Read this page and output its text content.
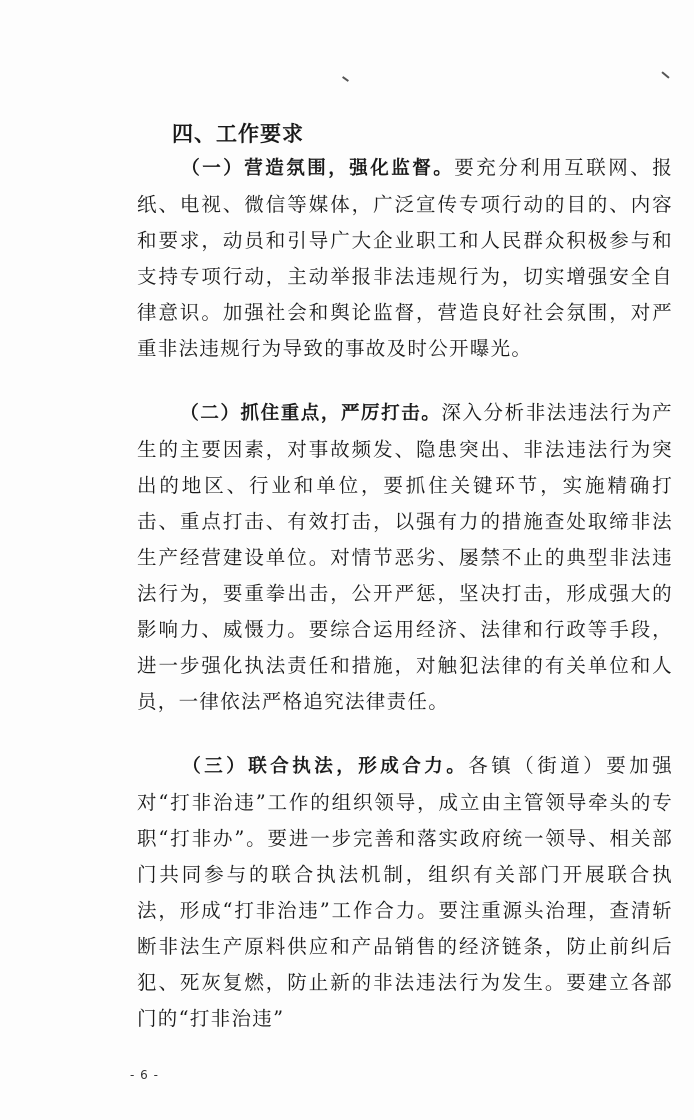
四、工作要求
（一）营造氛围，强化监督。要充分利用互联网、报纸、电视、微信等媒体，广泛宣传专项行动的目的、内容和要求，动员和引导广大企业职工和人民群众积极参与和支持专项行动，主动举报非法违规行为，切实增强安全自律意识。加强社会和舆论监督，营造良好社会氛围，对严重非法违规行为导致的事故及时公开曝光。
（二）抓住重点，严厉打击。深入分析非法违法行为产生的主要因素，对事故频发、隐患突出、非法违法行为突出的地区、行业和单位，要抓住关键环节，实施精确打击、重点打击、有效打击，以强有力的措施查处取缔非法生产经营建设单位。对情节恶劣、屡禁不止的典型非法违法行为，要重拳出击，公开严惩，坚决打击，形成强大的影响力、威慑力。要综合运用经济、法律和行政等手段，进一步强化执法责任和措施，对触犯法律的有关单位和人员，一律依法严格追究法律责任。
（三）联合执法，形成合力。各镇（街道）要加强对“打非治违”工作的组织领导，成立由主管领导牵头的专职“打非办”。要进一步完善和落实政府统一领导、相关部门共同参与的联合执法机制，组织有关部门开展联合执法，形成“打非治违”工作合力。要注重源头治理，查清斩断非法生产原料供应和产品销售的经济链条，防止前纠后犯、死灰复燃，防止新的非法违法行为发生。要建立各部门的“打非治违”
- 6 -
